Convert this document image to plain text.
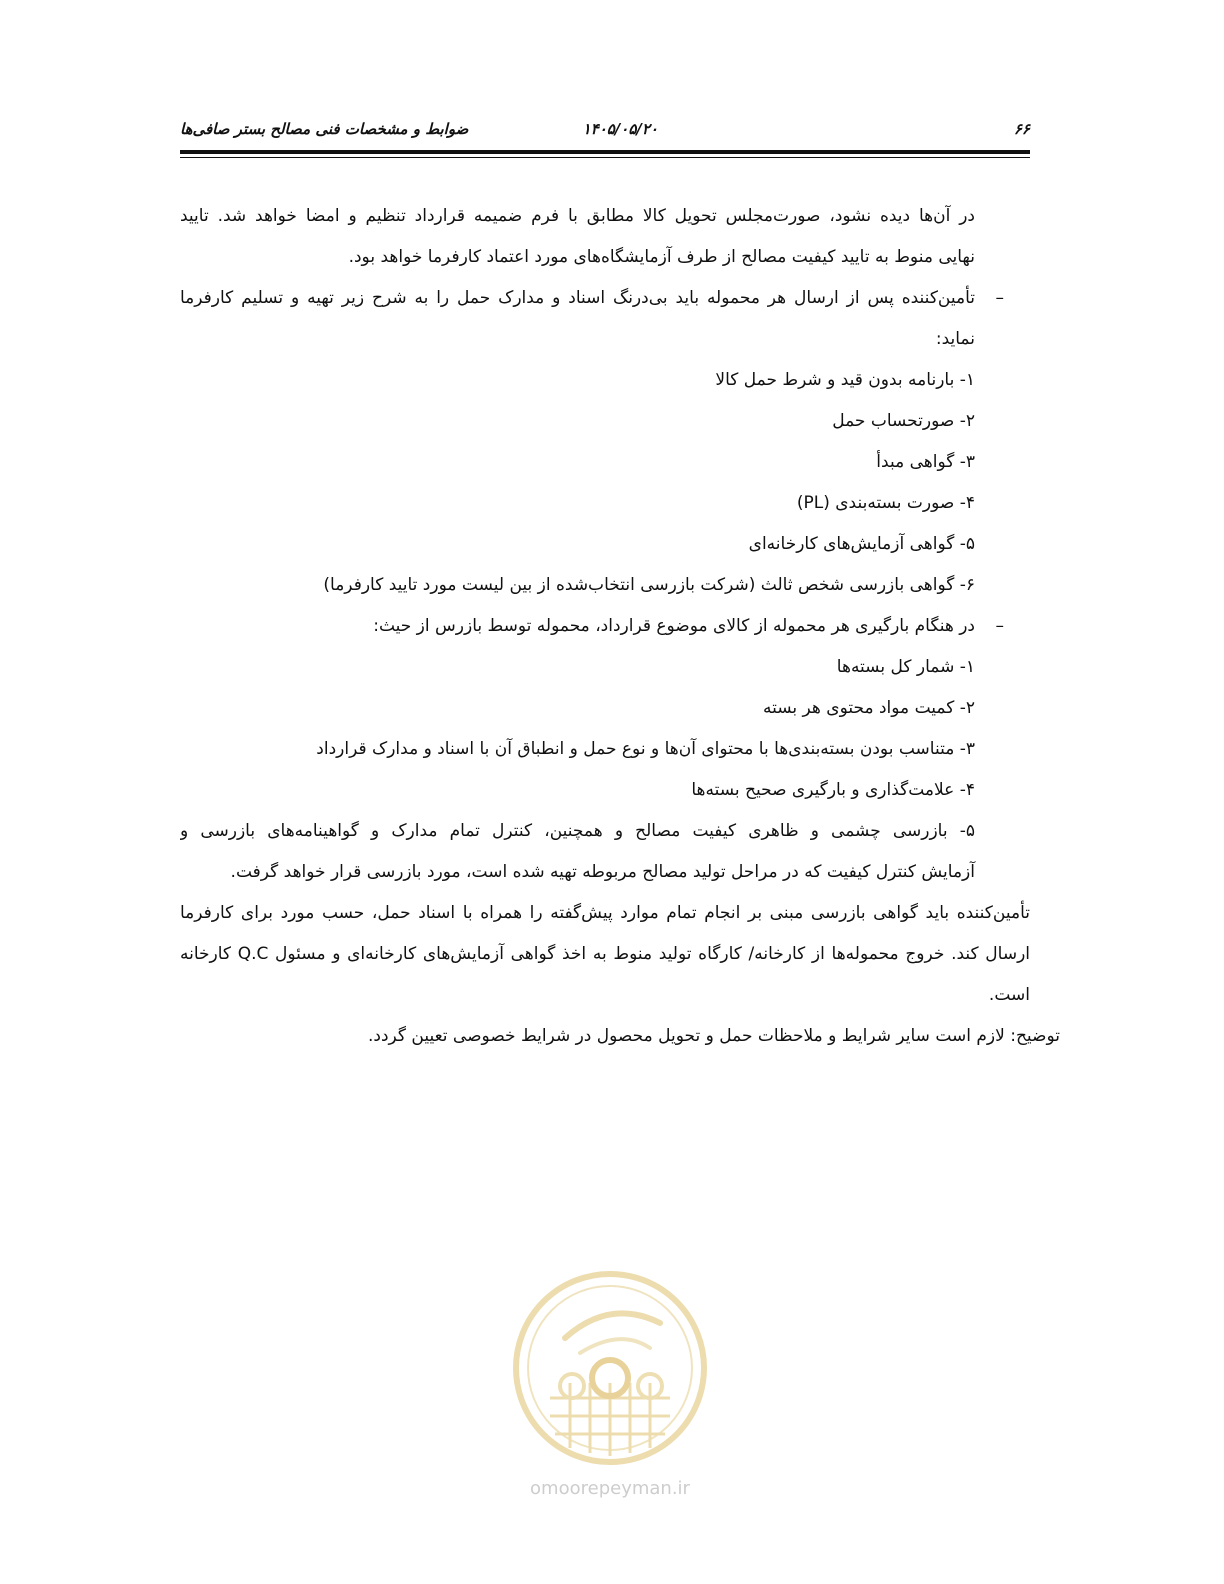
۶۶
۱۴۰۵/۰۵/۲۰
ضوابط و مشخصات فنی مصالح بستر صافی‌ها
در آن‌ها دیده نشود، صورت‌مجلس تحویل کالا مطابق با فرم ضمیمه قرارداد تنظیم و امضا خواهد شد. تایید
نهایی منوط به تایید کیفیت مصالح از طرف آزمایشگاه‌های مورد اعتماد کارفرما خواهد بود.
–
تأمین‌کننده پس از ارسال هر محموله باید بی‌درنگ اسناد و مدارک حمل را به شرح زیر تهیه و تسلیم کارفرما
نماید:
۱- بارنامه بدون قید و شرط حمل کالا
۲- صورتحساب حمل
۳- گواهی مبدأ
۴- صورت بسته‌بندی (PL)
۵- گواهی آزمایش‌های کارخانه‌ای
۶- گواهی بازرسی شخص ثالث (شرکت بازرسی انتخاب‌شده از بین لیست مورد تایید کارفرما)
–
در هنگام بارگیری هر محموله از کالای موضوع قرارداد، محموله توسط بازرس از حیث:
۱- شمار کل بسته‌ها
۲- کمیت مواد محتوی هر بسته
۳- متناسب بودن بسته‌بندی‌ها با محتوای آن‌ها و نوع حمل و انطباق آن با اسناد و مدارک قرارداد
۴- علامت‌گذاری و بارگیری صحیح بسته‌ها
۵- بازرسی چشمی و ظاهری کیفیت مصالح و همچنین، کنترل تمام مدارک و گواهینامه‌های بازرسی و
آزمایش کنترل کیفیت که در مراحل تولید مصالح مربوطه تهیه شده است، مورد بازرسی قرار خواهد گرفت.
تأمین‌کننده باید گواهی بازرسی مبنی بر انجام تمام موارد پیش‌گفته را همراه با اسناد حمل، حسب مورد برای کارفرما
ارسال کند. خروج محموله‌ها از کارخانه/ کارگاه تولید منوط به اخذ گواهی آزمایش‌های کارخانه‌ای و مسئول Q.C کارخانه
است.
توضیح: لازم است سایر شرایط و ملاحظات حمل و تحویل محصول در شرایط خصوصی تعیین گردد.
omoorepeyman.ir
